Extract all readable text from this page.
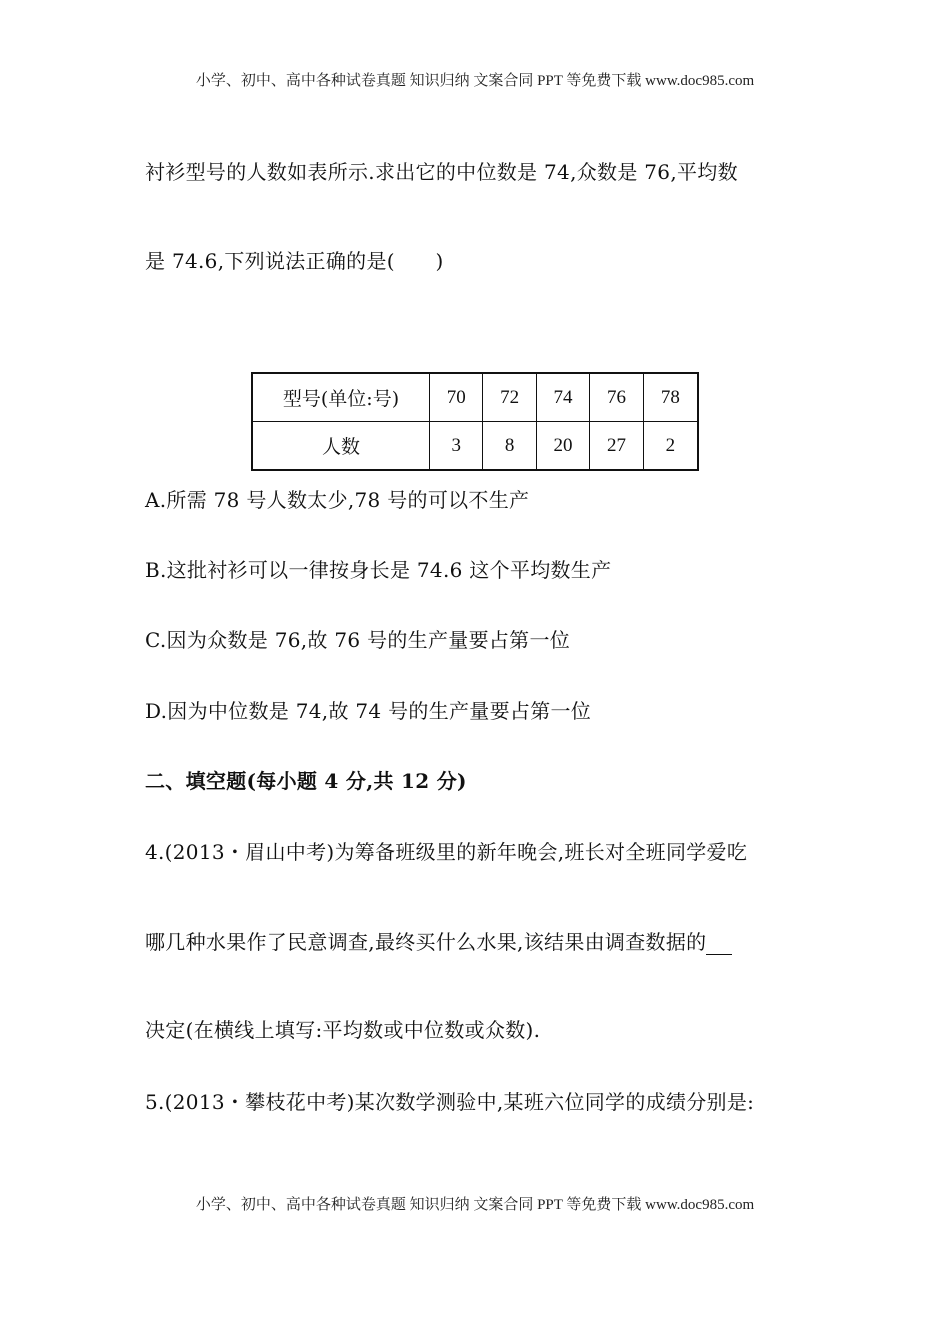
小学、初中、高中各种试卷真题 知识归纳 文案合同 PPT 等免费下载 www.doc985.com
衬衫型号的人数如表所示.求出它的中位数是 74,众数是 76,平均数
是 74.6,下列说法正确的是(　　)
型号(单位:号)	70	72	74	76	78
人数	3	8	20	27	2
A.所需 78 号人数太少,78 号的可以不生产
B.这批衬衫可以一律按身长是 74.6 这个平均数生产
C.因为众数是 76,故 76 号的生产量要占第一位
D.因为中位数是 74,故 74 号的生产量要占第一位
二、填空题(每小题 4 分,共 12 分)
4.(2013・眉山中考)为筹备班级里的新年晚会,班长对全班同学爱吃
哪几种水果作了民意调查,最终买什么水果,该结果由调查数据的
决定(在横线上填写:平均数或中位数或众数).
5.(2013・攀枝花中考)某次数学测验中,某班六位同学的成绩分别是:
小学、初中、高中各种试卷真题 知识归纳 文案合同 PPT 等免费下载 www.doc985.com
